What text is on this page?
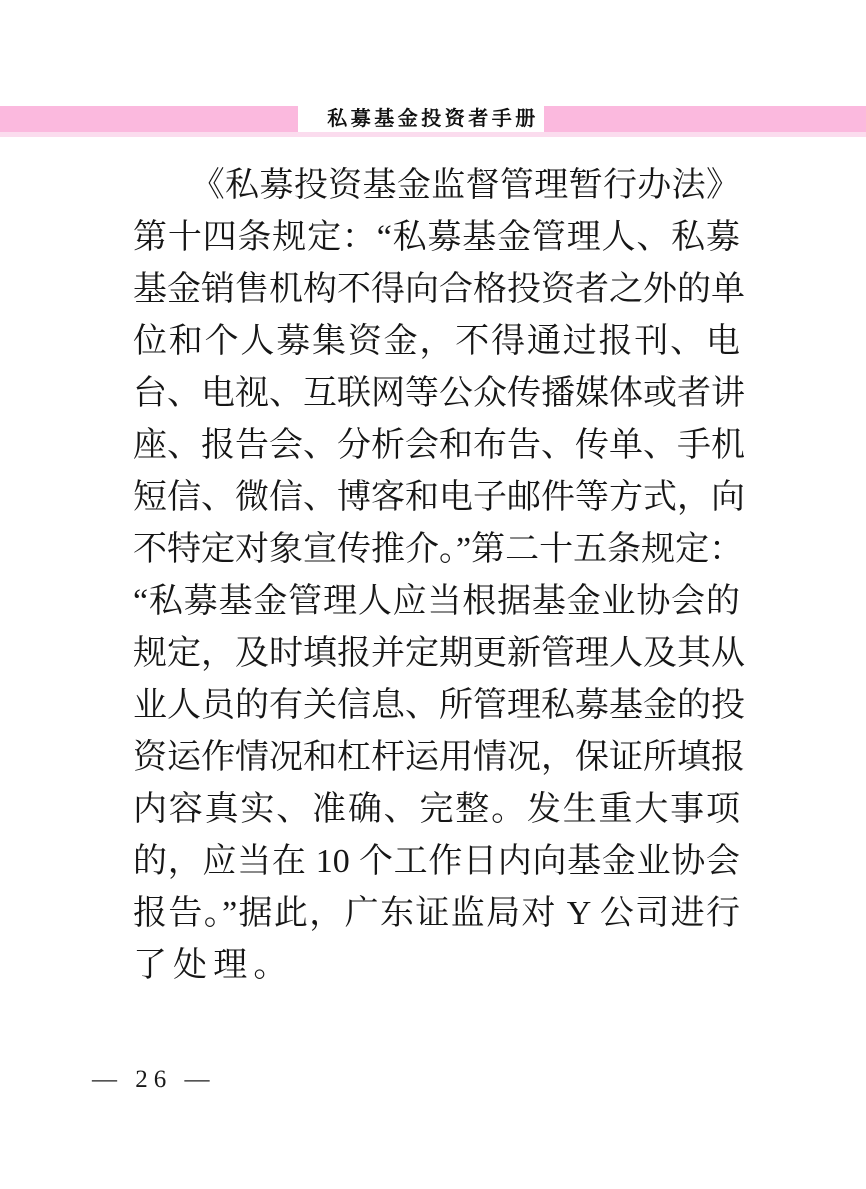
私募基金投资者手册
《私募投资基金监督管理暂行办法》
第十四条规定：“私募基金管理人、私募
基金销售机构不得向合格投资者之外的单
位和个人募集资金，不得通过报刊、电
台、电视、互联网等公众传播媒体或者讲
座、报告会、分析会和布告、传单、手机
短信、微信、博客和电子邮件等方式，向
不特定对象宣传推介。”第二十五条规定：
“私募基金管理人应当根据基金业协会的
规定，及时填报并定期更新管理人及其从
业人员的有关信息、所管理私募基金的投
资运作情况和杠杆运用情况，保证所填报
内容真实、准确、完整。发生重大事项
的，应当在 10 个工作日内向基金业协会
报告。”据此，广东证监局对 Y 公司进行
了处理。
— 26 —
